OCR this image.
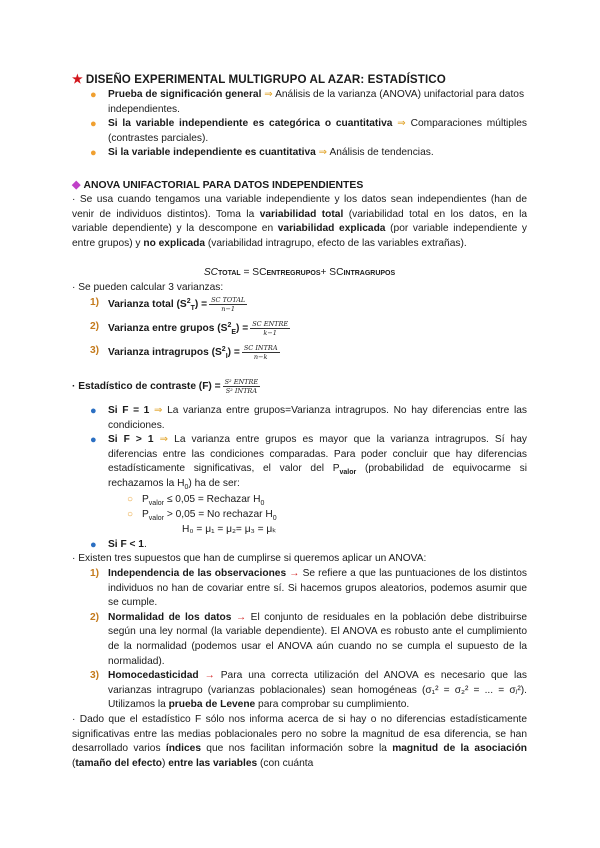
★ DISEÑO EXPERIMENTAL MULTIGRUPO AL AZAR: ESTADÍSTICO
● Prueba de significación general ⇒ Análisis de la varianza (ANOVA) unifactorial para datos independientes.
● Si la variable independiente es categórica o cuantitativa ⇒ Comparaciones múltiples (contrastes parciales).
● Si la variable independiente es cuantitativa ⇒ Análisis de tendencias.
◆ ANOVA UNIFACTORIAL PARA DATOS INDEPENDIENTES
· Se usa cuando tengamos una variable independiente y los datos sean independientes (han de venir de individuos distintos). Toma la variabilidad total (variabilidad total en los datos, en la variable dependiente) y la descompone en variabilidad explicada (por variable independiente y entre grupos) y no explicada (variabilidad intragrupo, efecto de las variables extrañas).
SCTOTAL = SCENTREGRUPOS+ SCINTRAGRUPOS
· Se pueden calcular 3 varianzas:
1) Varianza total $(S^2_T) = \frac{\text{SC TOTAL}}{n-1}$
2) Varianza entre grupos $(S^2_E) = \frac{\text{SC ENTRE}}{k-1}$
3) Varianza intragrupos $(S^2_I) = \frac{\text{SC INTRA}}{n-k}$
· Estadístico de contraste $(F) = \frac{\text{S² ENTRE}}{\text{S² INTRA}}$
● Si F = 1 ⇒ La varianza entre grupos=Varianza intragrupos. No hay diferencias entre las condiciones.
● Si F > 1 ⇒ La varianza entre grupos es mayor que la varianza intragrupos. Sí hay diferencias entre las condiciones comparadas. Para poder concluir que hay diferencias estadísticamente significativas, el valor del $P_{valor}$ (probabilidad de equivocarme si rechazamos la $H_0$) ha de ser:
○ $P_{valor} \le 0,05$ = Rechazar $H_0$
○ $P_{valor} > 0,05 = No$ rechazar $H_0$
H₀ = μ₁ = μ₂= μ₃ = μₖ
● Si F < 1.
· Existen tres supuestos que han de cumplirse si queremos aplicar un ANOVA:
1) Independencia de las observaciones → Se refiere a que las puntuaciones de los distintos individuos no han de covariar entre sí. Si hacemos grupos aleatorios, podemos asumir que se cumple.
2) Normalidad de los datos → El conjunto de residuales en la población debe distribuirse según una ley normal (la variable dependiente). El ANOVA es robusto ante el cumplimiento de la normalidad (podemos usar el ANOVA aún cuando no se cumpla el supuesto de la normalidad).
3) Homocedasticidad → Para una correcta utilización del ANOVA es necesario que las varianzas intragrupo (varianzas poblacionales) sean homogéneas (σ₁² = σ₂² = ... = σⱼ²). Utilizamos la prueba de Levene para comprobar su cumplimiento.
· Dado que el estadístico F sólo nos informa acerca de si hay o no diferencias estadísticamente significativas entre las medias poblacionales pero no sobre la magnitud de esa diferencia, se han desarrollado varios índices que nos facilitan información sobre la magnitud de la asociación (tamaño del efecto) entre las variables (con cuánta
